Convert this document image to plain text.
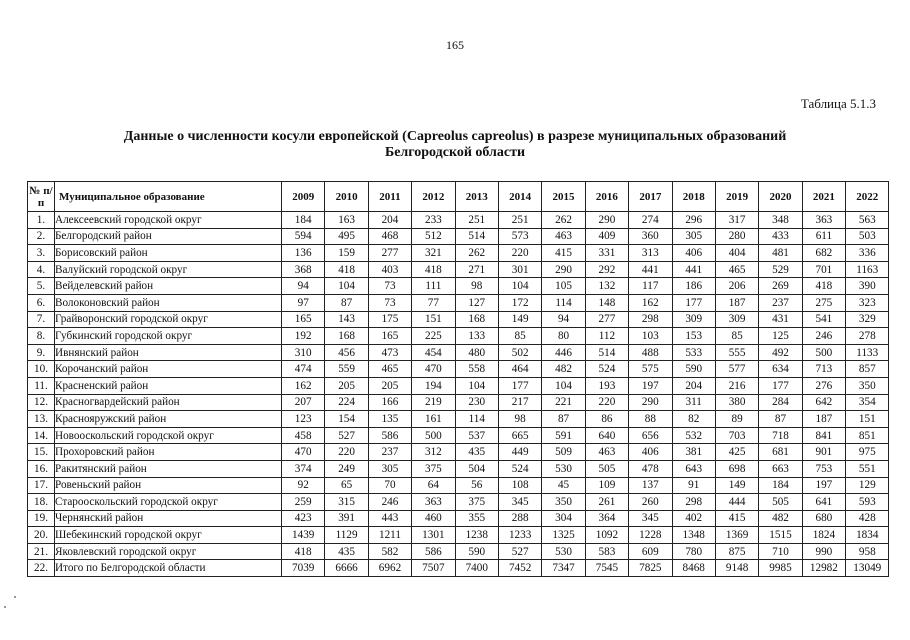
165
Таблица 5.1.3
Данные о численности косули европейской (Capreolus capreolus) в разрезе муниципальных образований
Белгородской области
№ п/п	Муниципальное образование	2009	2010	2011	2012	2013	2014	2015	2016	2017	2018	2019	2020	2021	2022
1.	Алексеевский городской округ	184	163	204	233	251	251	262	290	274	296	317	348	363	563
2.	Белгородский район	594	495	468	512	514	573	463	409	360	305	280	433	611	503
3.	Борисовский район	136	159	277	321	262	220	415	331	313	406	404	481	682	336
4.	Валуйский городской округ	368	418	403	418	271	301	290	292	441	441	465	529	701	1163
5.	Вейделевский район	94	104	73	111	98	104	105	132	117	186	206	269	418	390
6.	Волоконовский район	97	87	73	77	127	172	114	148	162	177	187	237	275	323
7.	Грайворонский городской округ	165	143	175	151	168	149	94	277	298	309	309	431	541	329
8.	Губкинский городской округ	192	168	165	225	133	85	80	112	103	153	85	125	246	278
9.	Ивнянский район	310	456	473	454	480	502	446	514	488	533	555	492	500	1133
10.	Корочанский район	474	559	465	470	558	464	482	524	575	590	577	634	713	857
11.	Красненский район	162	205	205	194	104	177	104	193	197	204	216	177	276	350
12.	Красногвардейский район	207	224	166	219	230	217	221	220	290	311	380	284	642	354
13.	Краснояружский район	123	154	135	161	114	98	87	86	88	82	89	87	187	151
14.	Новооскольский городской округ	458	527	586	500	537	665	591	640	656	532	703	718	841	851
15.	Прохоровский район	470	220	237	312	435	449	509	463	406	381	425	681	901	975
16.	Ракитянский район	374	249	305	375	504	524	530	505	478	643	698	663	753	551
17.	Ровеньский район	92	65	70	64	56	108	45	109	137	91	149	184	197	129
18.	Старооскольский городской округ	259	315	246	363	375	345	350	261	260	298	444	505	641	593
19.	Чернянский район	423	391	443	460	355	288	304	364	345	402	415	482	680	428
20.	Шебекинский городской округ	1439	1129	1211	1301	1238	1233	1325	1092	1228	1348	1369	1515	1824	1834
21.	Яковлевский городской округ	418	435	582	586	590	527	530	583	609	780	875	710	990	958
22.	Итого по Белгородской области	7039	6666	6962	7507	7400	7452	7347	7545	7825	8468	9148	9985	12982	13049
